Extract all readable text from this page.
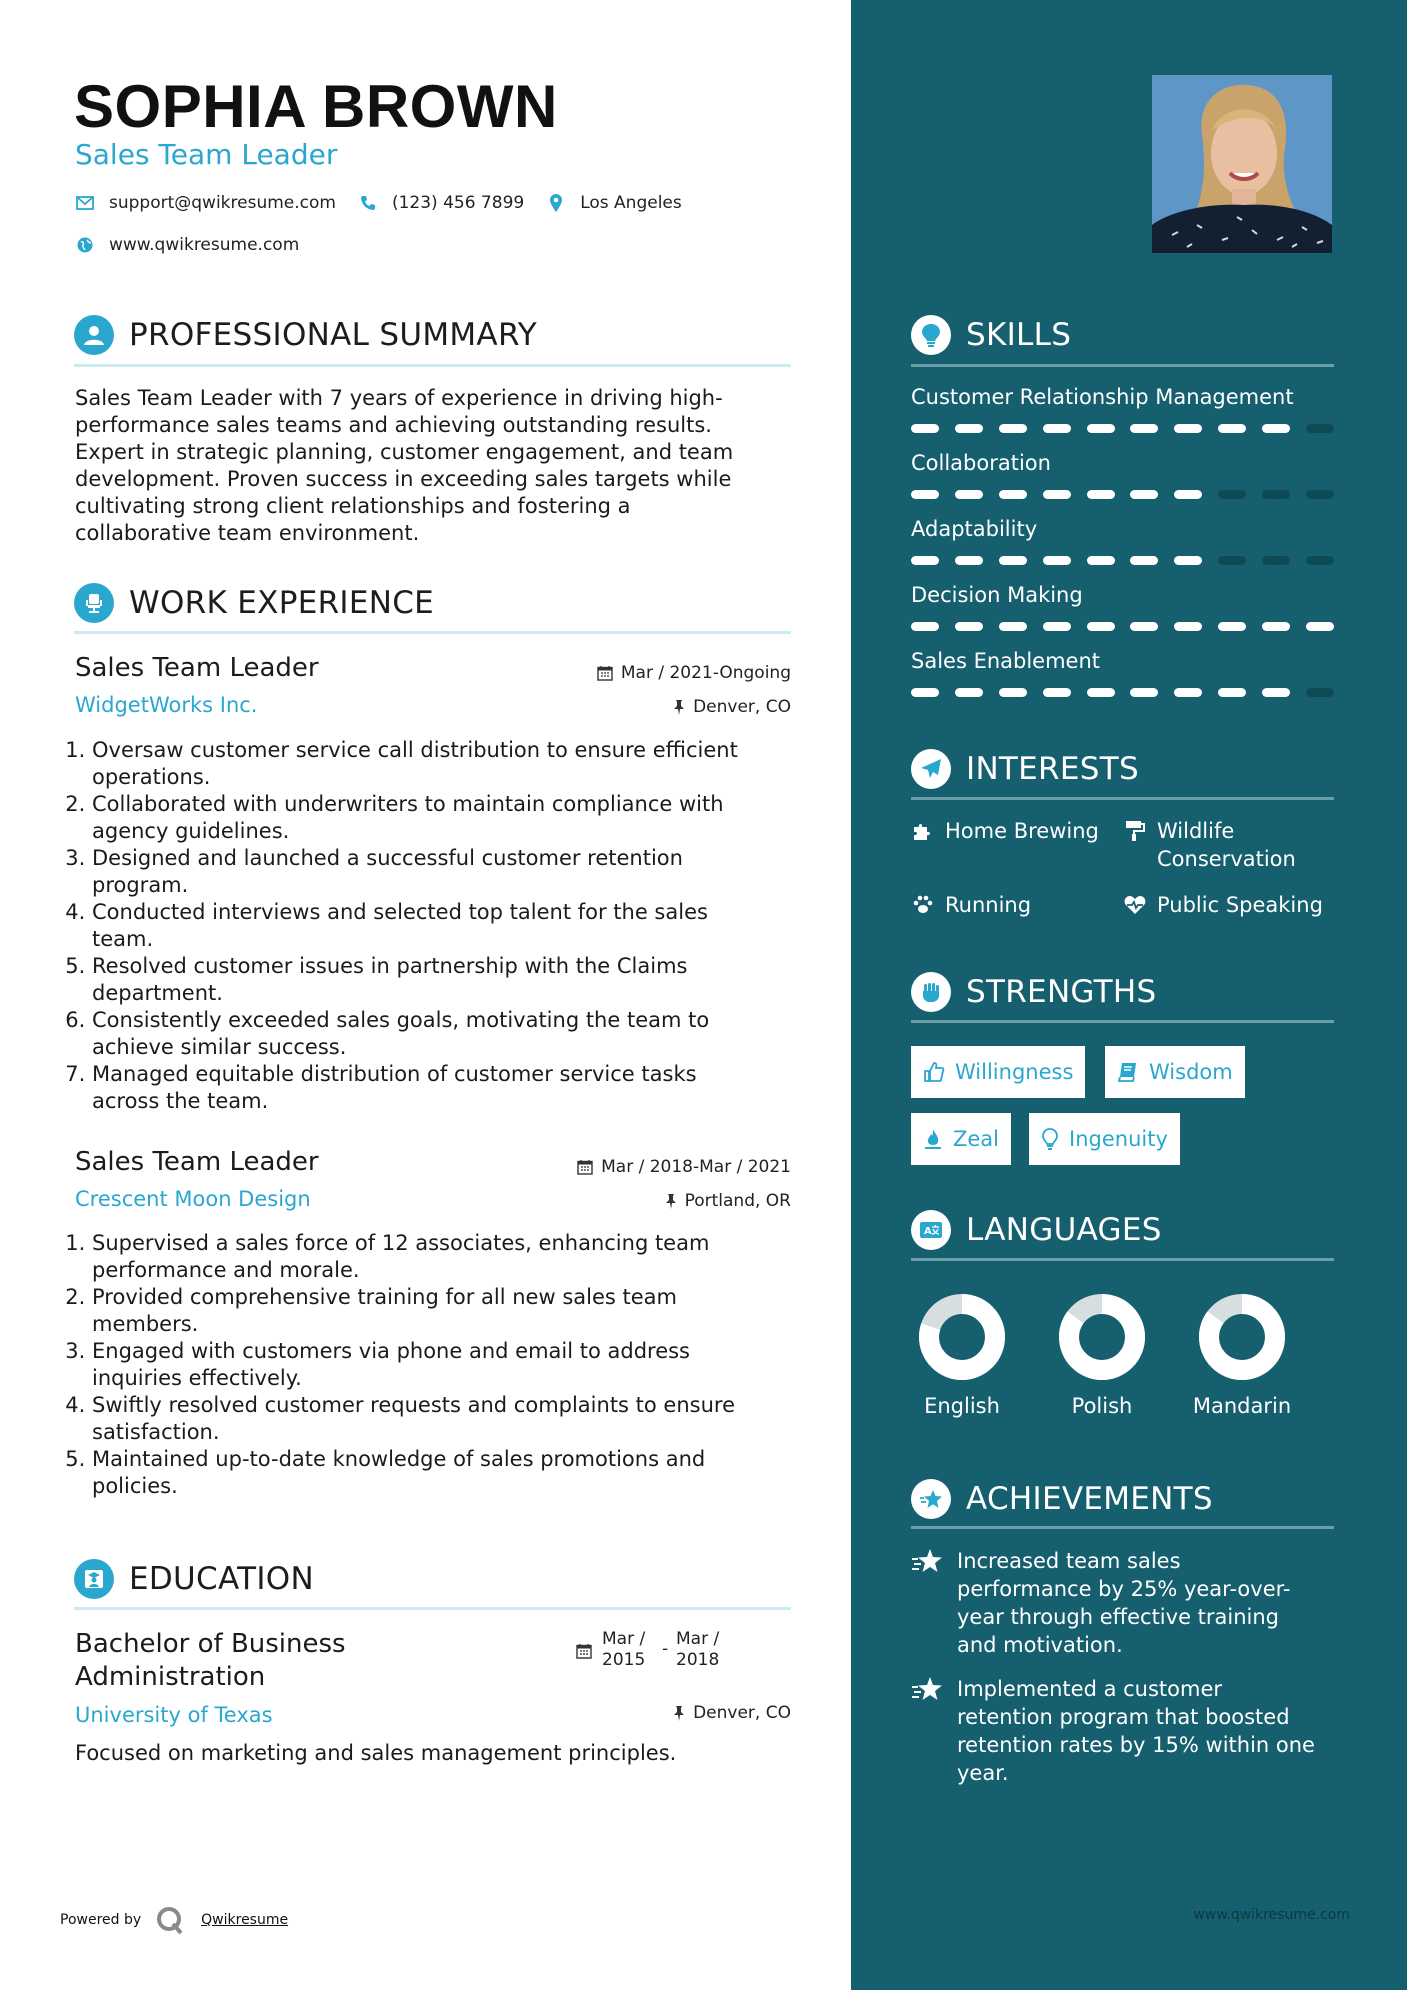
SOPHIA BROWN
Sales Team Leader
support@qwikresume.com	(123) 456 7899	Los Angeles
www.qwikresume.com
PROFESSIONAL SUMMARY
Sales Team Leader with 7 years of experience in driving high-
performance sales teams and achieving outstanding results.
Expert in strategic planning, customer engagement, and team
development. Proven success in exceeding sales targets while
cultivating strong client relationships and fostering a
collaborative team environment.
WORK EXPERIENCE
Sales Team Leader	Mar / 2021-Ongoing
WidgetWorks Inc.	Denver, CO
1. Oversaw customer service call distribution to ensure efficient
operations.
2. Collaborated with underwriters to maintain compliance with
agency guidelines.
3. Designed and launched a successful customer retention
program.
4. Conducted interviews and selected top talent for the sales
team.
5. Resolved customer issues in partnership with the Claims
department.
6. Consistently exceeded sales goals, motivating the team to
achieve similar success.
7. Managed equitable distribution of customer service tasks
across the team.
Sales Team Leader	Mar / 2018-Mar / 2021
Crescent Moon Design	Portland, OR
1. Supervised a sales force of 12 associates, enhancing team
performance and morale.
2. Provided comprehensive training for all new sales team
members.
3. Engaged with customers via phone and email to address
inquiries effectively.
4. Swiftly resolved customer requests and complaints to ensure
satisfaction.
5. Maintained up-to-date knowledge of sales promotions and
policies.
EDUCATION
Bachelor of Business
Administration
Mar /
2015
- Mar /
2018
University of Texas	Denver, CO
Focused on marketing and sales management principles.
Powered by	Qwikresume
SKILLS
Customer Relationship Management
Collaboration
Adaptability
Decision Making
Sales Enablement
INTERESTS
Home Brewing	Wildlife
Conservation
Running	Public Speaking
STRENGTHS
Willingness	Wisdom
Zeal	Ingenuity
A LANGUAGES
English	Polish	Mandarin
ACHIEVEMENTS
Increased team sales
performance by 25% year-over-
year through effective training
and motivation.
Implemented a customer
retention program that boosted
retention rates by 15% within one
year.
www.qwikresume.com
